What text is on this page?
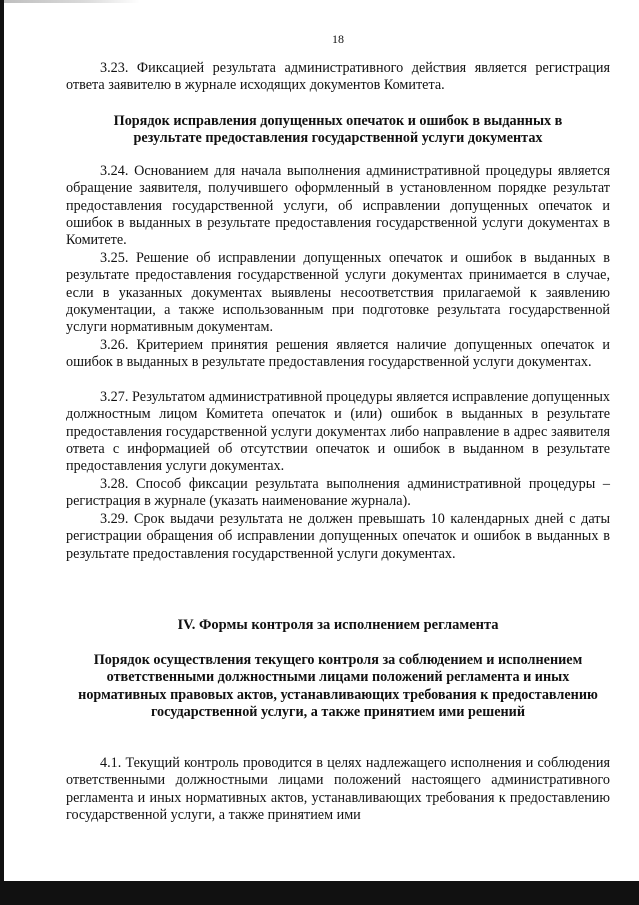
18

3.23. Фиксацией результата административного действия является регистрация ответа заявителю в журнале исходящих документов Комитета.

Порядок исправления допущенных опечаток и ошибок в выданных в результате предоставления государственной услуги документах

3.24. Основанием для начала выполнения административной процедуры является обращение заявителя, получившего оформленный в установленном порядке результат предоставления государственной услуги, об исправлении допущенных опечаток и ошибок в выданных в результате предоставления государственной услуги документах в Комитете.

3.25. Решение об исправлении допущенных опечаток и ошибок в выданных в результате предоставления государственной услуги документах принимается в случае, если в указанных документах выявлены несоответствия прилагаемой к заявлению документации, а также использованным при подготовке результата государственной услуги нормативным документам.

3.26. Критерием принятия решения является наличие допущенных опечаток и ошибок в выданных в результате предоставления государственной услуги документах.

3.27. Результатом административной процедуры является исправление допущенных должностным лицом Комитета опечаток и (или) ошибок в выданных в результате предоставления государственной услуги документах либо направление в адрес заявителя ответа с информацией об отсутствии опечаток и ошибок в выданном в результате предоставления услуги документах.

3.28. Способ фиксации результата выполнения административной процедуры – регистрация в журнале (указать наименование журнала).

3.29. Срок выдачи результата не должен превышать 10 календарных дней с даты регистрации обращения об исправлении допущенных опечаток и ошибок в выданных в результате предоставления государственной услуги документах.

IV. Формы контроля за исполнением регламента

Порядок осуществления текущего контроля за соблюдением и исполнением ответственными должностными лицами положений регламента и иных нормативных правовых актов, устанавливающих требования к предоставлению государственной услуги, а также принятием ими решений

4.1. Текущий контроль проводится в целях надлежащего исполнения и соблюдения ответственными должностными лицами положений настоящего административного регламента и иных нормативных актов, устанавливающих требования к предоставлению государственной услуги, а также принятием ими
